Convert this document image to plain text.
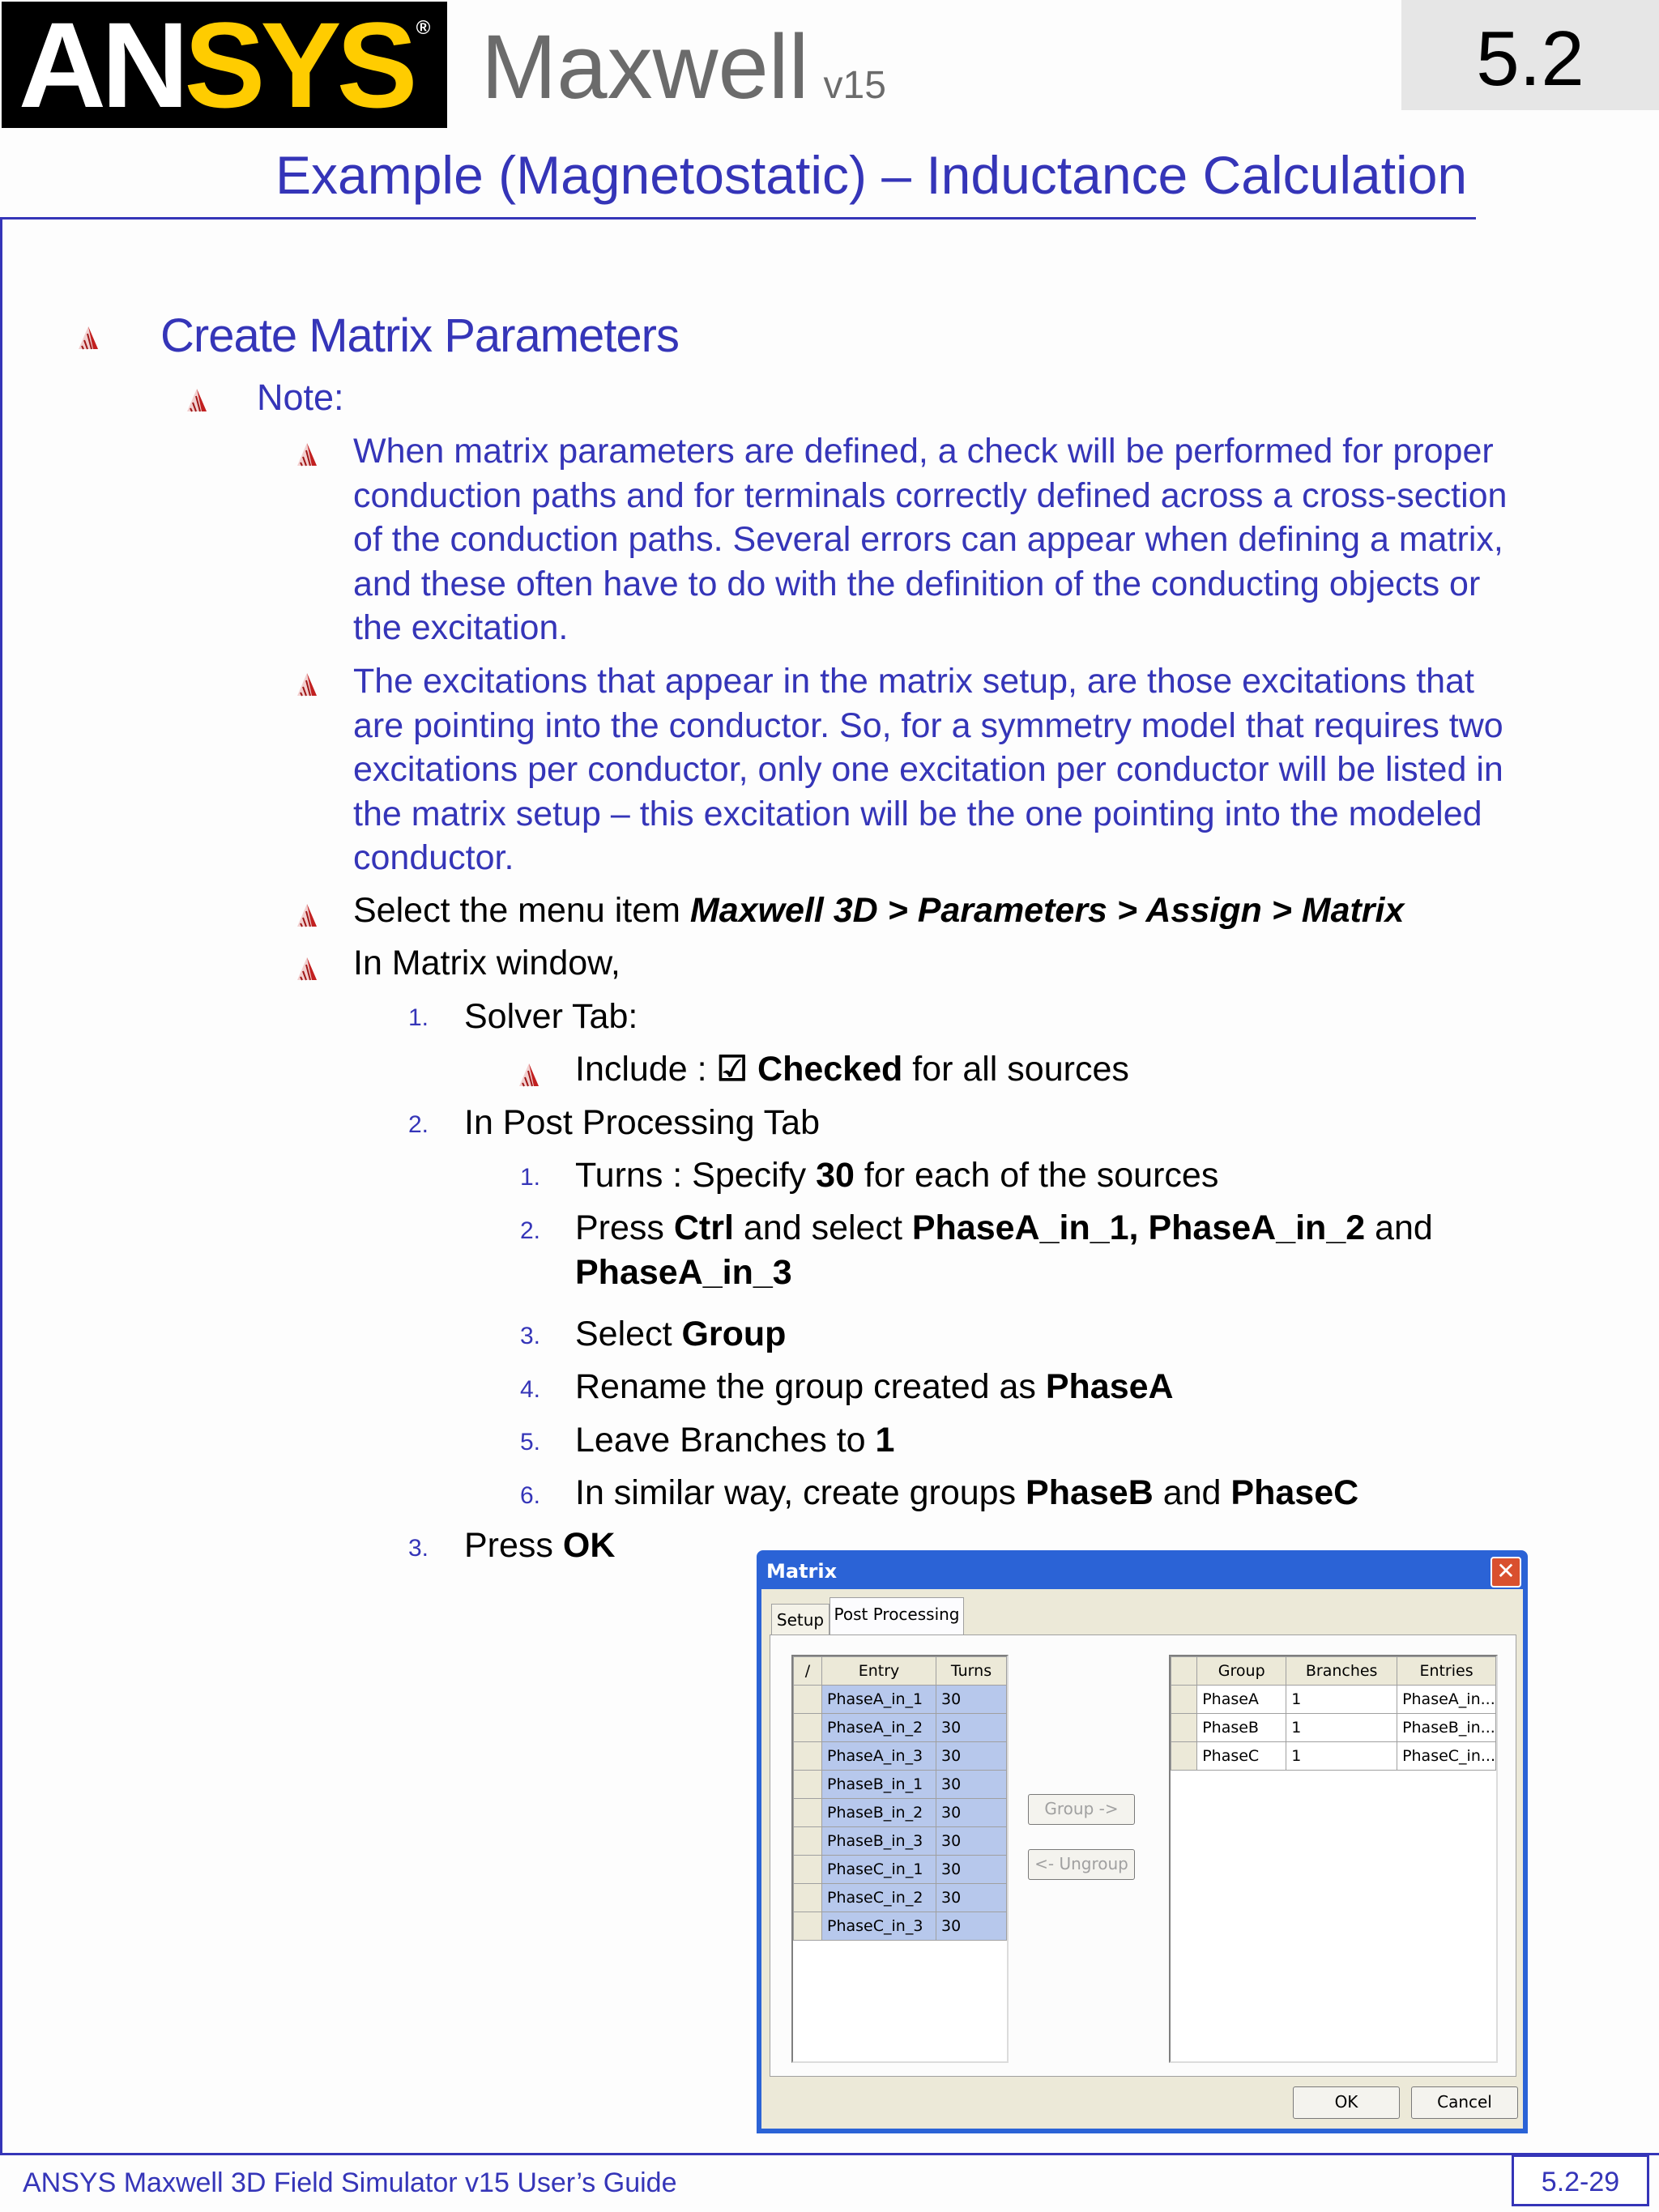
AN SYS ® Maxwell v15	5.2
Example (Magnetostatic) – Inductance Calculation
Create Matrix Parameters
Note:
When matrix parameters are defined, a check will be performed for proper
conduction paths and for terminals correctly defined across a cross-section
of the conduction paths. Several errors can appear when defining a matrix,
and these often have to do with the definition of the conducting objects or
the excitation.
The excitations that appear in the matrix setup, are those excitations that
are pointing into the conductor. So, for a symmetry model that requires two
excitations per conductor, only one excitation per conductor will be listed in
the matrix setup – this excitation will be the one pointing into the modeled
conductor.
Select the menu item Maxwell 3D > Parameters > Assign > Matrix
In Matrix window,
1. Solver Tab:
Include : ☑ Checked for all sources
2. In Post Processing Tab
1. Turns : Specify 30 for each of the sources
2. Press Ctrl and select PhaseA_in_1, PhaseA_in_2 and
PhaseA_in_3
3. Select Group
4. Rename the group created as PhaseA
5. Leave Branches to 1
6. In similar way, create groups PhaseB and PhaseC
3. Press OK
Matrix	✕
Setup Post Processing
/	Entry	Turns
	PhaseA_in_1	30
	PhaseA_in_2	30
	PhaseA_in_3	30
	PhaseB_in_1	30
	PhaseB_in_2	30
	PhaseB_in_3	30
	PhaseC_in_1	30
	PhaseC_in_2	30
	PhaseC_in_3	30
Group ->
<- Ungroup
	Group	Branches	Entries
	PhaseA	1	PhaseA_in...
	PhaseB	1	PhaseB_in...
	PhaseC	1	PhaseC_in...
OK	Cancel
ANSYS Maxwell 3D Field Simulator v15 User’s Guide	5.2-29
